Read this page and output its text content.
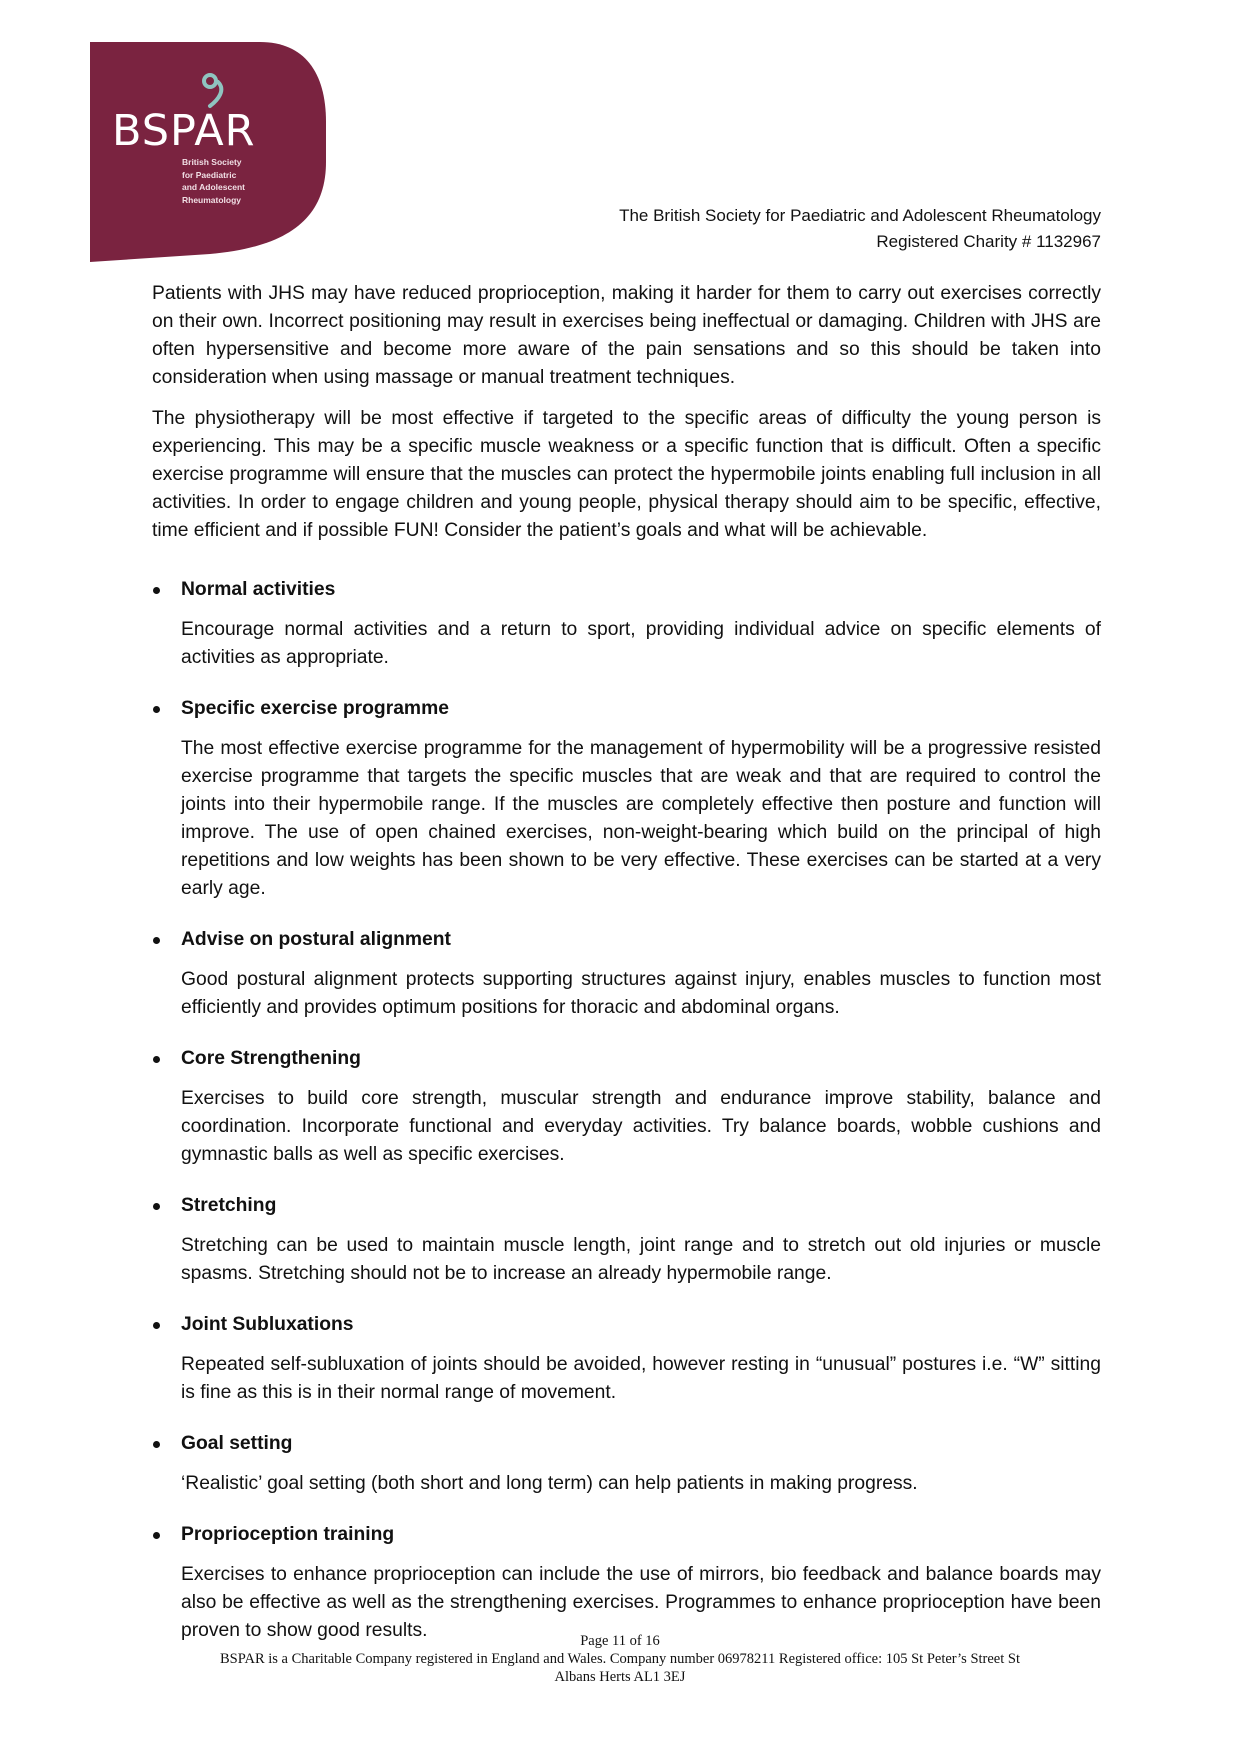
BSPAR
British Society
for Paediatric
and Adolescent
Rheumatology
The British Society for Paediatric and Adolescent Rheumatology
Registered Charity # 1132967

Patients with JHS may have reduced proprioception, making it harder for them to carry out exercises correctly on their own. Incorrect positioning may result in exercises being ineffectual or damaging. Children with JHS are often hypersensitive and become more aware of the pain sensations and so this should be taken into consideration when using massage or manual treatment techniques.

The physiotherapy will be most effective if targeted to the specific areas of difficulty the young person is experiencing. This may be a specific muscle weakness or a specific function that is difficult. Often a specific exercise programme will ensure that the muscles can protect the hypermobile joints enabling full inclusion in all activities. In order to engage children and young people, physical therapy should aim to be specific, effective, time efficient and if possible FUN! Consider the patient’s goals and what will be achievable.

Normal activities
Encourage normal activities and a return to sport, providing individual advice on specific elements of activities as appropriate.
Specific exercise programme
The most effective exercise programme for the management of hypermobility will be a progressive resisted exercise programme that targets the specific muscles that are weak and that are required to control the joints into their hypermobile range. If the muscles are completely effective then posture and function will improve. The use of open chained exercises, non-weight-bearing which build on the principal of high repetitions and low weights has been shown to be very effective. These exercises can be started at a very early age.
Advise on postural alignment
Good postural alignment protects supporting structures against injury, enables muscles to function most efficiently and provides optimum positions for thoracic and abdominal organs.
Core Strengthening
Exercises to build core strength, muscular strength and endurance improve stability, balance and coordination. Incorporate functional and everyday activities. Try balance boards, wobble cushions and gymnastic balls as well as specific exercises.
Stretching
Stretching can be used to maintain muscle length, joint range and to stretch out old injuries or muscle spasms. Stretching should not be to increase an already hypermobile range.
Joint Subluxations
Repeated self-subluxation of joints should be avoided, however resting in “unusual” postures i.e. “W” sitting is fine as this is in their normal range of movement.
Goal setting
‘Realistic’ goal setting (both short and long term) can help patients in making progress.
Proprioception training
Exercises to enhance proprioception can include the use of mirrors, bio feedback and balance boards may also be effective as well as the strengthening exercises. Programmes to enhance proprioception have been proven to show good results.	Page 11 of 16
BSPAR is a Charitable Company registered in England and Wales. Company number 06978211 Registered office: 105 St Peter’s Street St
Albans Herts AL1 3EJ
